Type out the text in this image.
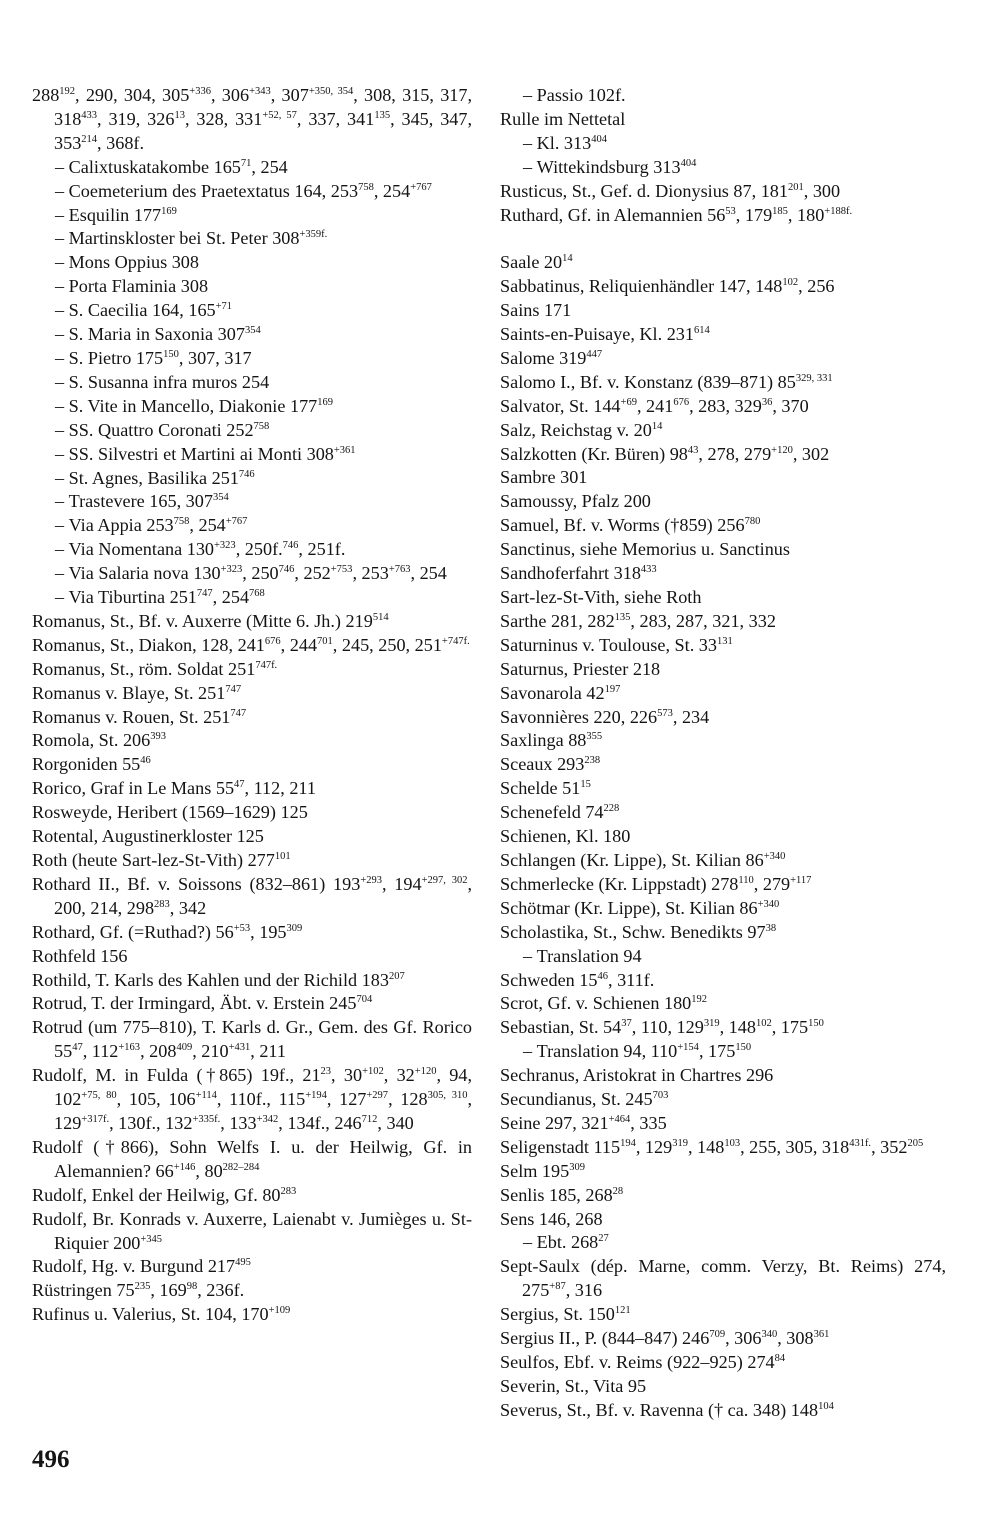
$288^{192}$, 290, 304, $305^{+336}$, $306^{+343}$, $307^{+350, 354}$, 308, 315, 317, $318^{433}$, 319, $326^{13}$, 328, $331^{+52, 57}$, 337, $341^{135}$, 345, 347, $353^{214}$, 368f.
– Calixtuskatakombe $165^{71}$, 254
– Coemeterium des Praetextatus 164, $253^{758}$, $254^{+767}$
– Esquilin $177^{169}$
– Martinskloster bei St. Peter $308^{+359f.}$
– Mons Oppius 308
– Porta Flaminia 308
– S. Caecilia 164, $165^{+71}$
– S. Maria in Saxonia $307^{354}$
– S. Pietro $175^{150}$, 307, 317
– S. Susanna infra muros 254
– S. Vite in Mancello, Diakonie $177^{169}$
– SS. Quattro Coronati $252^{758}$
– SS. Silvestri et Martini ai Monti $308^{+361}$
– St. Agnes, Basilika $251^{746}$
– Trastevere 165, $307^{354}$
– Via Appia $253^{758}$, $254^{+767}$
– Via Nomentana $130^{+323}$, 250f.$^{746}$, 251f.
– Via Salaria nova $130^{+323}$, $250^{746}$, $252^{+753}$, $253^{+763}$, 254
– Via Tiburtina $251^{747}$, $254^{768}$
Romanus, St., Bf. v. Auxerre (Mitte 6. Jh.) $219^{514}$
Romanus, St., Diakon, 128, $241^{676}$, $244^{701}$, 245, 250, $251^{+747f.}$
Romanus, St., röm. Soldat $251^{747f.}$
Romanus v. Blaye, St. $251^{747}$
Romanus v. Rouen, St. $251^{747}$
Romola, St. $206^{393}$
Rorgoniden $55^{46}$
Rorico, Graf in Le Mans $55^{47}$, 112, 211
Rosweyde, Heribert (1569–1629) 125
Rotental, Augustinerkloster 125
Roth (heute Sart-lez-St-Vith) $277^{101}$
Rothard II., Bf. v. Soissons (832–861) $193^{+293}$, $194^{+297, 302}$, 200, 214, $298^{283}$, 342
Rothard, Gf. (=Ruthad?) $56^{+53}$, $195^{309}$
Rothfeld 156
Rothild, T. Karls des Kahlen und der Richild $183^{207}$
Rotrud, T. der Irmingard, Äbt. v. Erstein $245^{704}$
Rotrud (um 775–810), T. Karls d. Gr., Gem. des Gf. Rorico $55^{47}$, $112^{+163}$, $208^{409}$, $210^{+431}$, 211
Rudolf, M. in Fulda (†865) 19f., $21^{23}$, $30^{+102}$, $32^{+120}$, 94, $102^{+75, 80}$, 105, $106^{+114}$, 110f., $115^{+194}$, $127^{+297}$, 128$^{305, 310}$, $129^{+317f.}$, 130f., $132^{+335f.}$, $133^{+342}$, 134f., $246^{712}$, 340
Rudolf (†866), Sohn Welfs I. u. der Heilwig, Gf. in Alemannien? $66^{+146}$, 80$^{282-284}$
Rudolf, Enkel der Heilwig, Gf. $80^{283}$
Rudolf, Br. Konrads v. Auxerre, Laienabt v. Jumièges u. St-Riquier $200^{+345}$
Rudolf, Hg. v. Burgund $217^{495}$
Rüstringen $75^{235}$, $169^{98}$, 236f.
Rufinus u. Valerius, St. 104, $170^{+109}$
– Passio 102f.
Rulle im Nettetal
– Kl. $313^{404}$
– Wittekindsburg $313^{404}$
Rusticus, St., Gef. d. Dionysius 87, $181^{201}$, 300
Ruthard, Gf. in Alemannien $56^{53}$, $179^{185}$, $180^{+188f.}$
Saale $20^{14}$
Sabbatinus, Reliquienhändler 147, $148^{102}$, 256
Sains 171
Saints-en-Puisaye, Kl. $231^{614}$
Salome $319^{447}$
Salomo I., Bf. v. Konstanz (839–871) 85$^{329, 331}$
Salvator, St. $144^{+69}$, $241^{676}$, 283, $329^{36}$, 370
Salz, Reichstag v. $20^{14}$
Salzkotten (Kr. Büren) $98^{43}$, 278, $279^{+120}$, 302
Sambre 301
Samoussy, Pfalz 200
Samuel, Bf. v. Worms (†859) $256^{780}$
Sanctinus, siehe Memorius u. Sanctinus
Sandhoferfahrt $318^{433}$
Sart-lez-St-Vith, siehe Roth
Sarthe 281, $282^{135}$, 283, 287, 321, 332
Saturninus v. Toulouse, St. $33^{131}$
Saturnus, Priester 218
Savonarola $42^{197}$
Savonnières 220, $226^{573}$, 234
Saxlinga $88^{355}$
Sceaux $293^{238}$
Schelde $51^{15}$
Schenefeld $74^{228}$
Schienen, Kl. 180
Schlangen (Kr. Lippe), St. Kilian $86^{+340}$
Schmerlecke (Kr. Lippstadt) $278^{110}$, $279^{+117}$
Schötmar (Kr. Lippe), St. Kilian $86^{+340}$
Scholastika, St., Schw. Benedikts $97^{38}$
– Translation 94
Schweden $15^{46}$, 311f.
Scrot, Gf. v. Schienen $180^{192}$
Sebastian, St. $54^{37}$, 110, $129^{319}$, $148^{102}$, $175^{150}$
– Translation 94, $110^{+154}$, $175^{150}$
Sechranus, Aristokrat in Chartres 296
Secundianus, St. $245^{703}$
Seine 297, $321^{+464}$, 335
Seligenstadt $115^{194}$, $129^{319}$, $148^{103}$, 255, 305, $318^{431f.}$, $352^{205}$
Selm $195^{309}$
Senlis 185, $268^{28}$
Sens 146, 268
– Ebt. $268^{27}$
Sept-Saulx (dép. Marne, comm. Verzy, Bt. Reims) 274, $275^{+87}$, 316
Sergius, St. $150^{121}$
Sergius II., P. (844–847) $246^{709}$, $306^{340}$, $308^{361}$
Seulfos, Ebf. v. Reims (922–925) $274^{84}$
Severin, St., Vita 95
Severus, St., Bf. v. Ravenna († ca. 348) $148^{104}$
496
